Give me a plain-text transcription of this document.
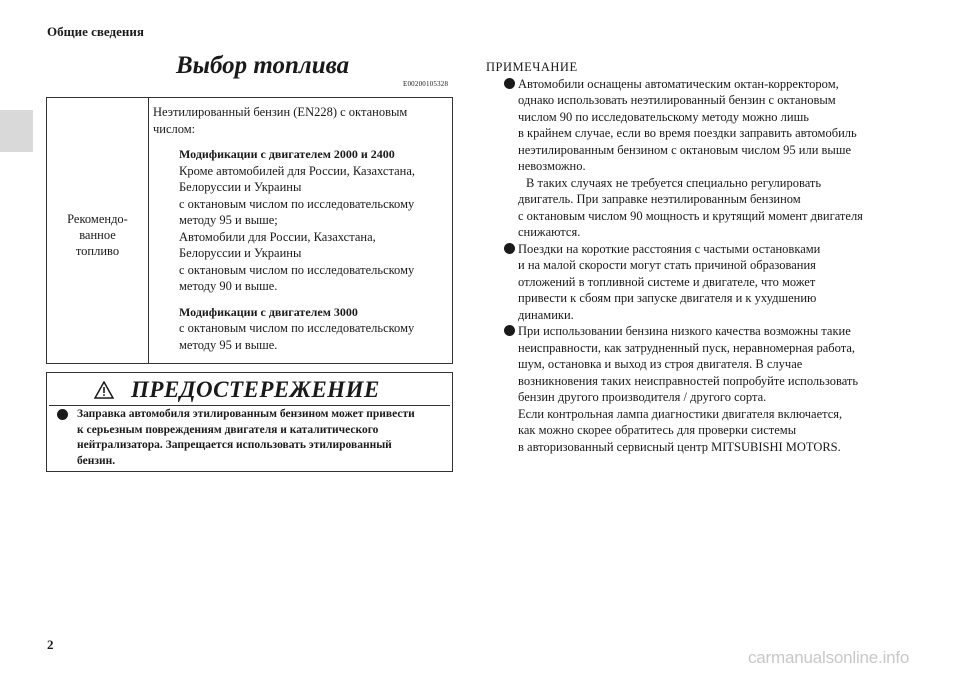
Общие сведения
Выбор топлива
E00200105328
Рекомендо-
ванное
топливо
Неэтилированный бензин (EN228) с октановым
числом:
Модификации с двигателем 2000 и 2400
Кроме автомобилей для России, Казахстана,
Белоруссии и Украины
с октановым числом по исследовательскому
методу 95 и выше;
Автомобили для России, Казахстана,
Белоруссии и Украины
с октановым числом по исследовательскому
методу 90 и выше.
Модификации с двигателем 3000
с октановым числом по исследовательскому
методу 95 и выше.
ПРЕДОСТЕРЕЖЕНИЕ
Заправка автомобиля этилированным бензином может привести
к серьезным повреждениям двигателя и каталитического
нейтрализатора. Запрещается использовать этилированный
бензин.
ПРИМЕЧАНИЕ
Автомобили оснащены автоматическим октан-корректором,
однако использовать неэтилированный бензин с октановым
числом 90 по исследовательскому методу можно лишь
в крайнем случае, если во время поездки заправить автомобиль
неэтилированным бензином с октановым числом 95 или выше
невозможно.
В таких случаях не требуется специально регулировать
двигатель. При заправке неэтилированным бензином
с октановым числом 90 мощность и крутящий момент двигателя
снижаются.
Поездки на короткие расстояния с частыми остановками
и на малой скорости могут стать причиной образования
отложений в топливной системе и двигателе, что может
привести к сбоям при запуске двигателя и к ухудшению
динамики.
При использовании бензина низкого качества возможны такие
неисправности, как затрудненный пуск, неравномерная работа,
шум, остановка и выход из строя двигателя. В случае
возникновения таких неисправностей попробуйте использовать
бензин другого производителя / другого сорта.
Если контрольная лампа диагностики двигателя включается,
как можно скорее обратитесь для проверки системы
в авторизованный сервисный центр MITSUBISHI MOTORS.
2
carmanualsonline.info
